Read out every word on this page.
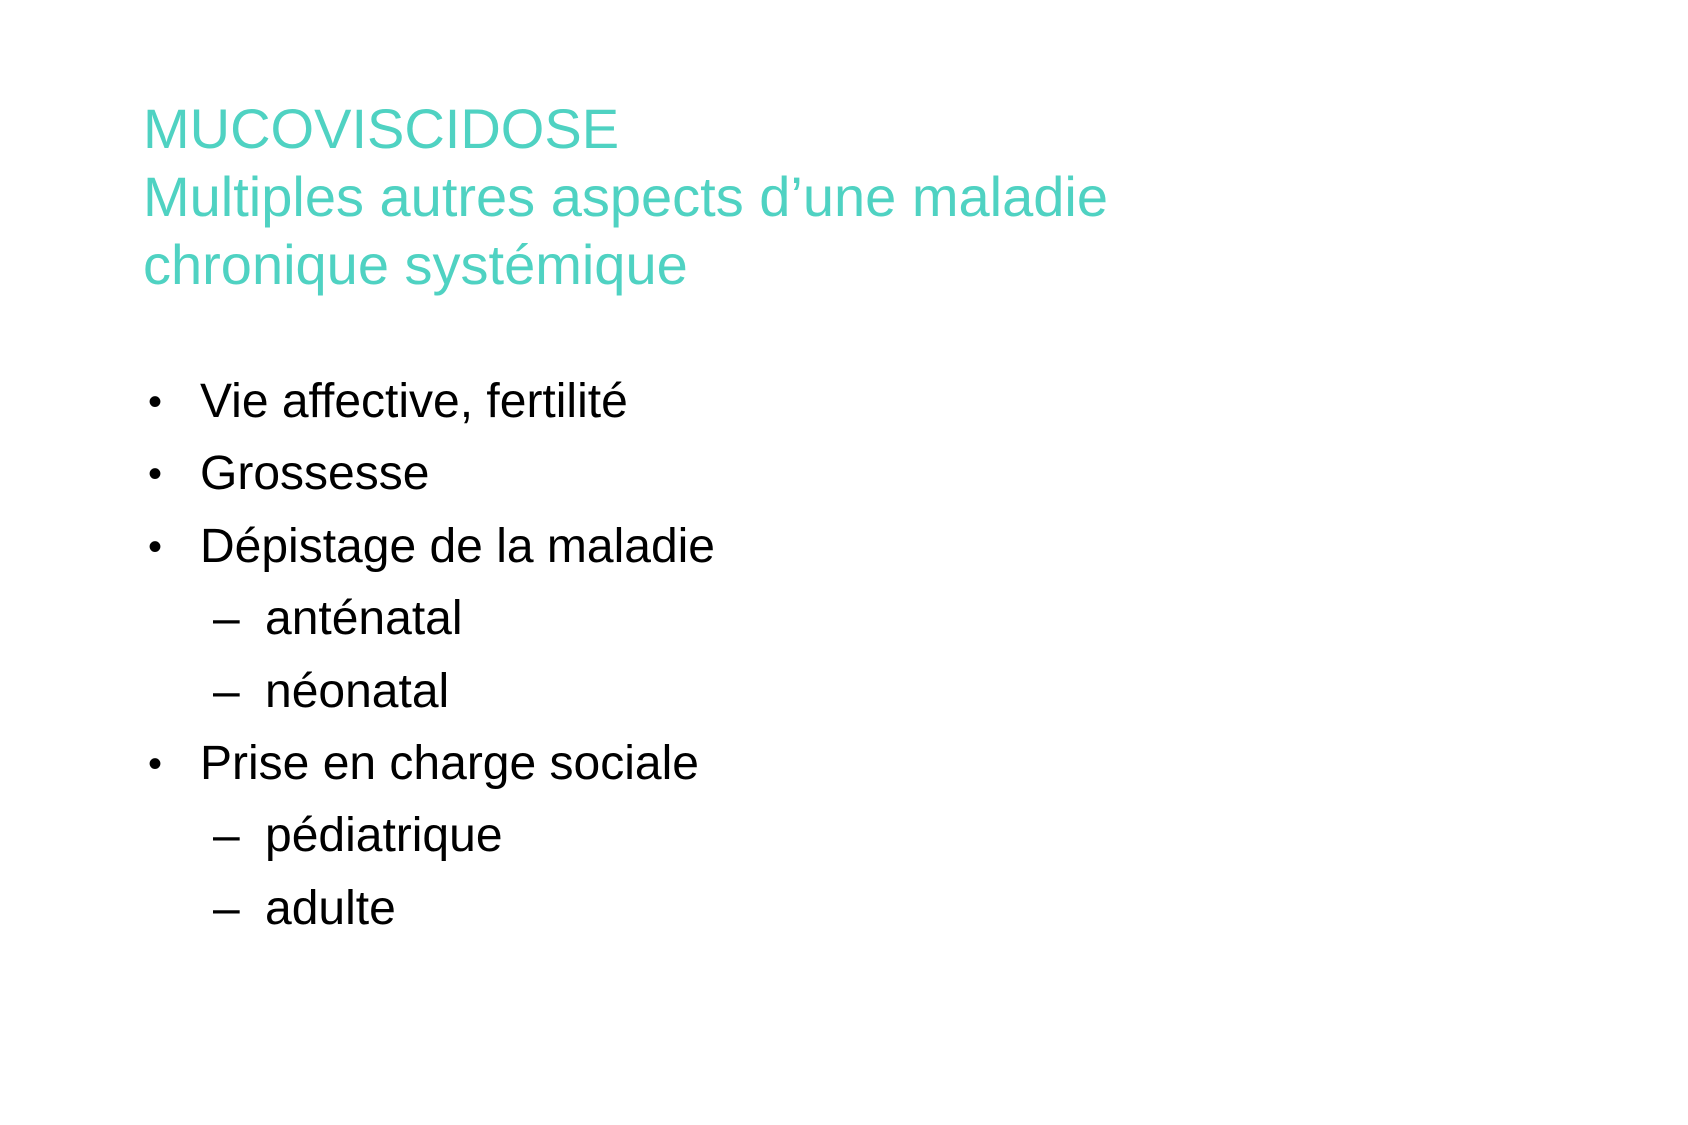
MUCOVISCIDOSE
Multiples autres aspects d’une maladie
chronique systémique
• Vie affective, fertilité
• Grossesse
• Dépistage de la maladie
– anténatal
– néonatal
• Prise en charge sociale
– pédiatrique
– adulte
